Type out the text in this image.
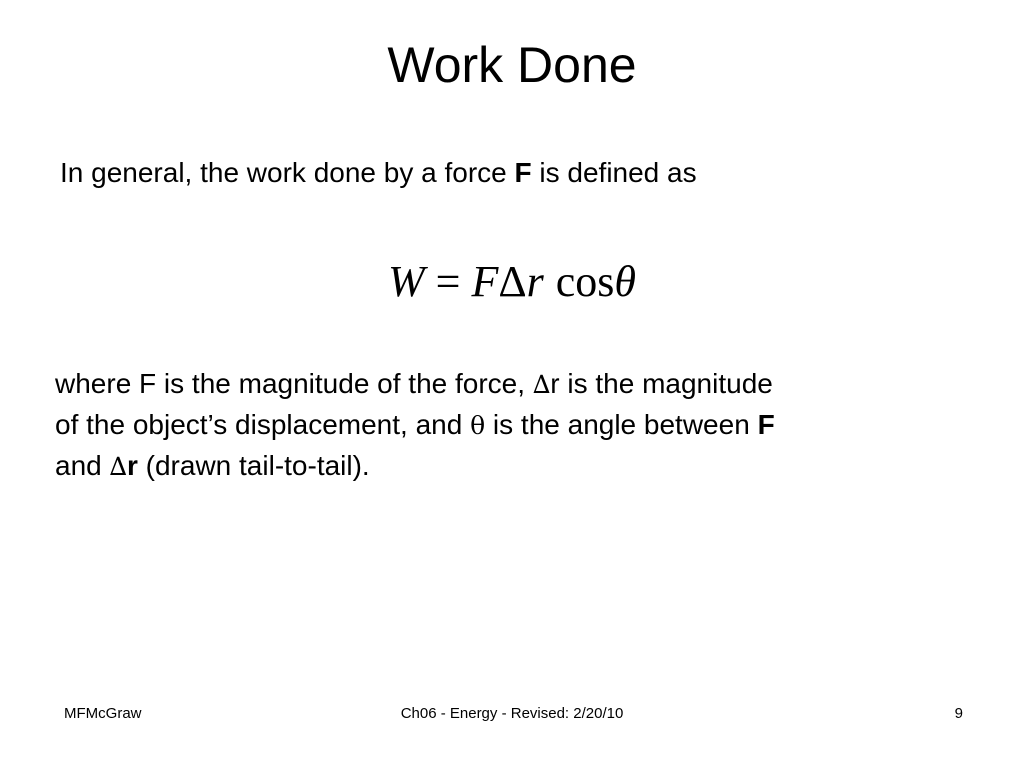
Work Done
In general, the work done by a force F is defined as
W = FΔr cosθ
where F is the magnitude of the force, ∆r is the magnitude
of the object’s displacement, and θ is the angle between F
and ∆r (drawn tail-to-tail).
MFMcGraw	Ch06 - Energy - Revised: 2/20/10	9
